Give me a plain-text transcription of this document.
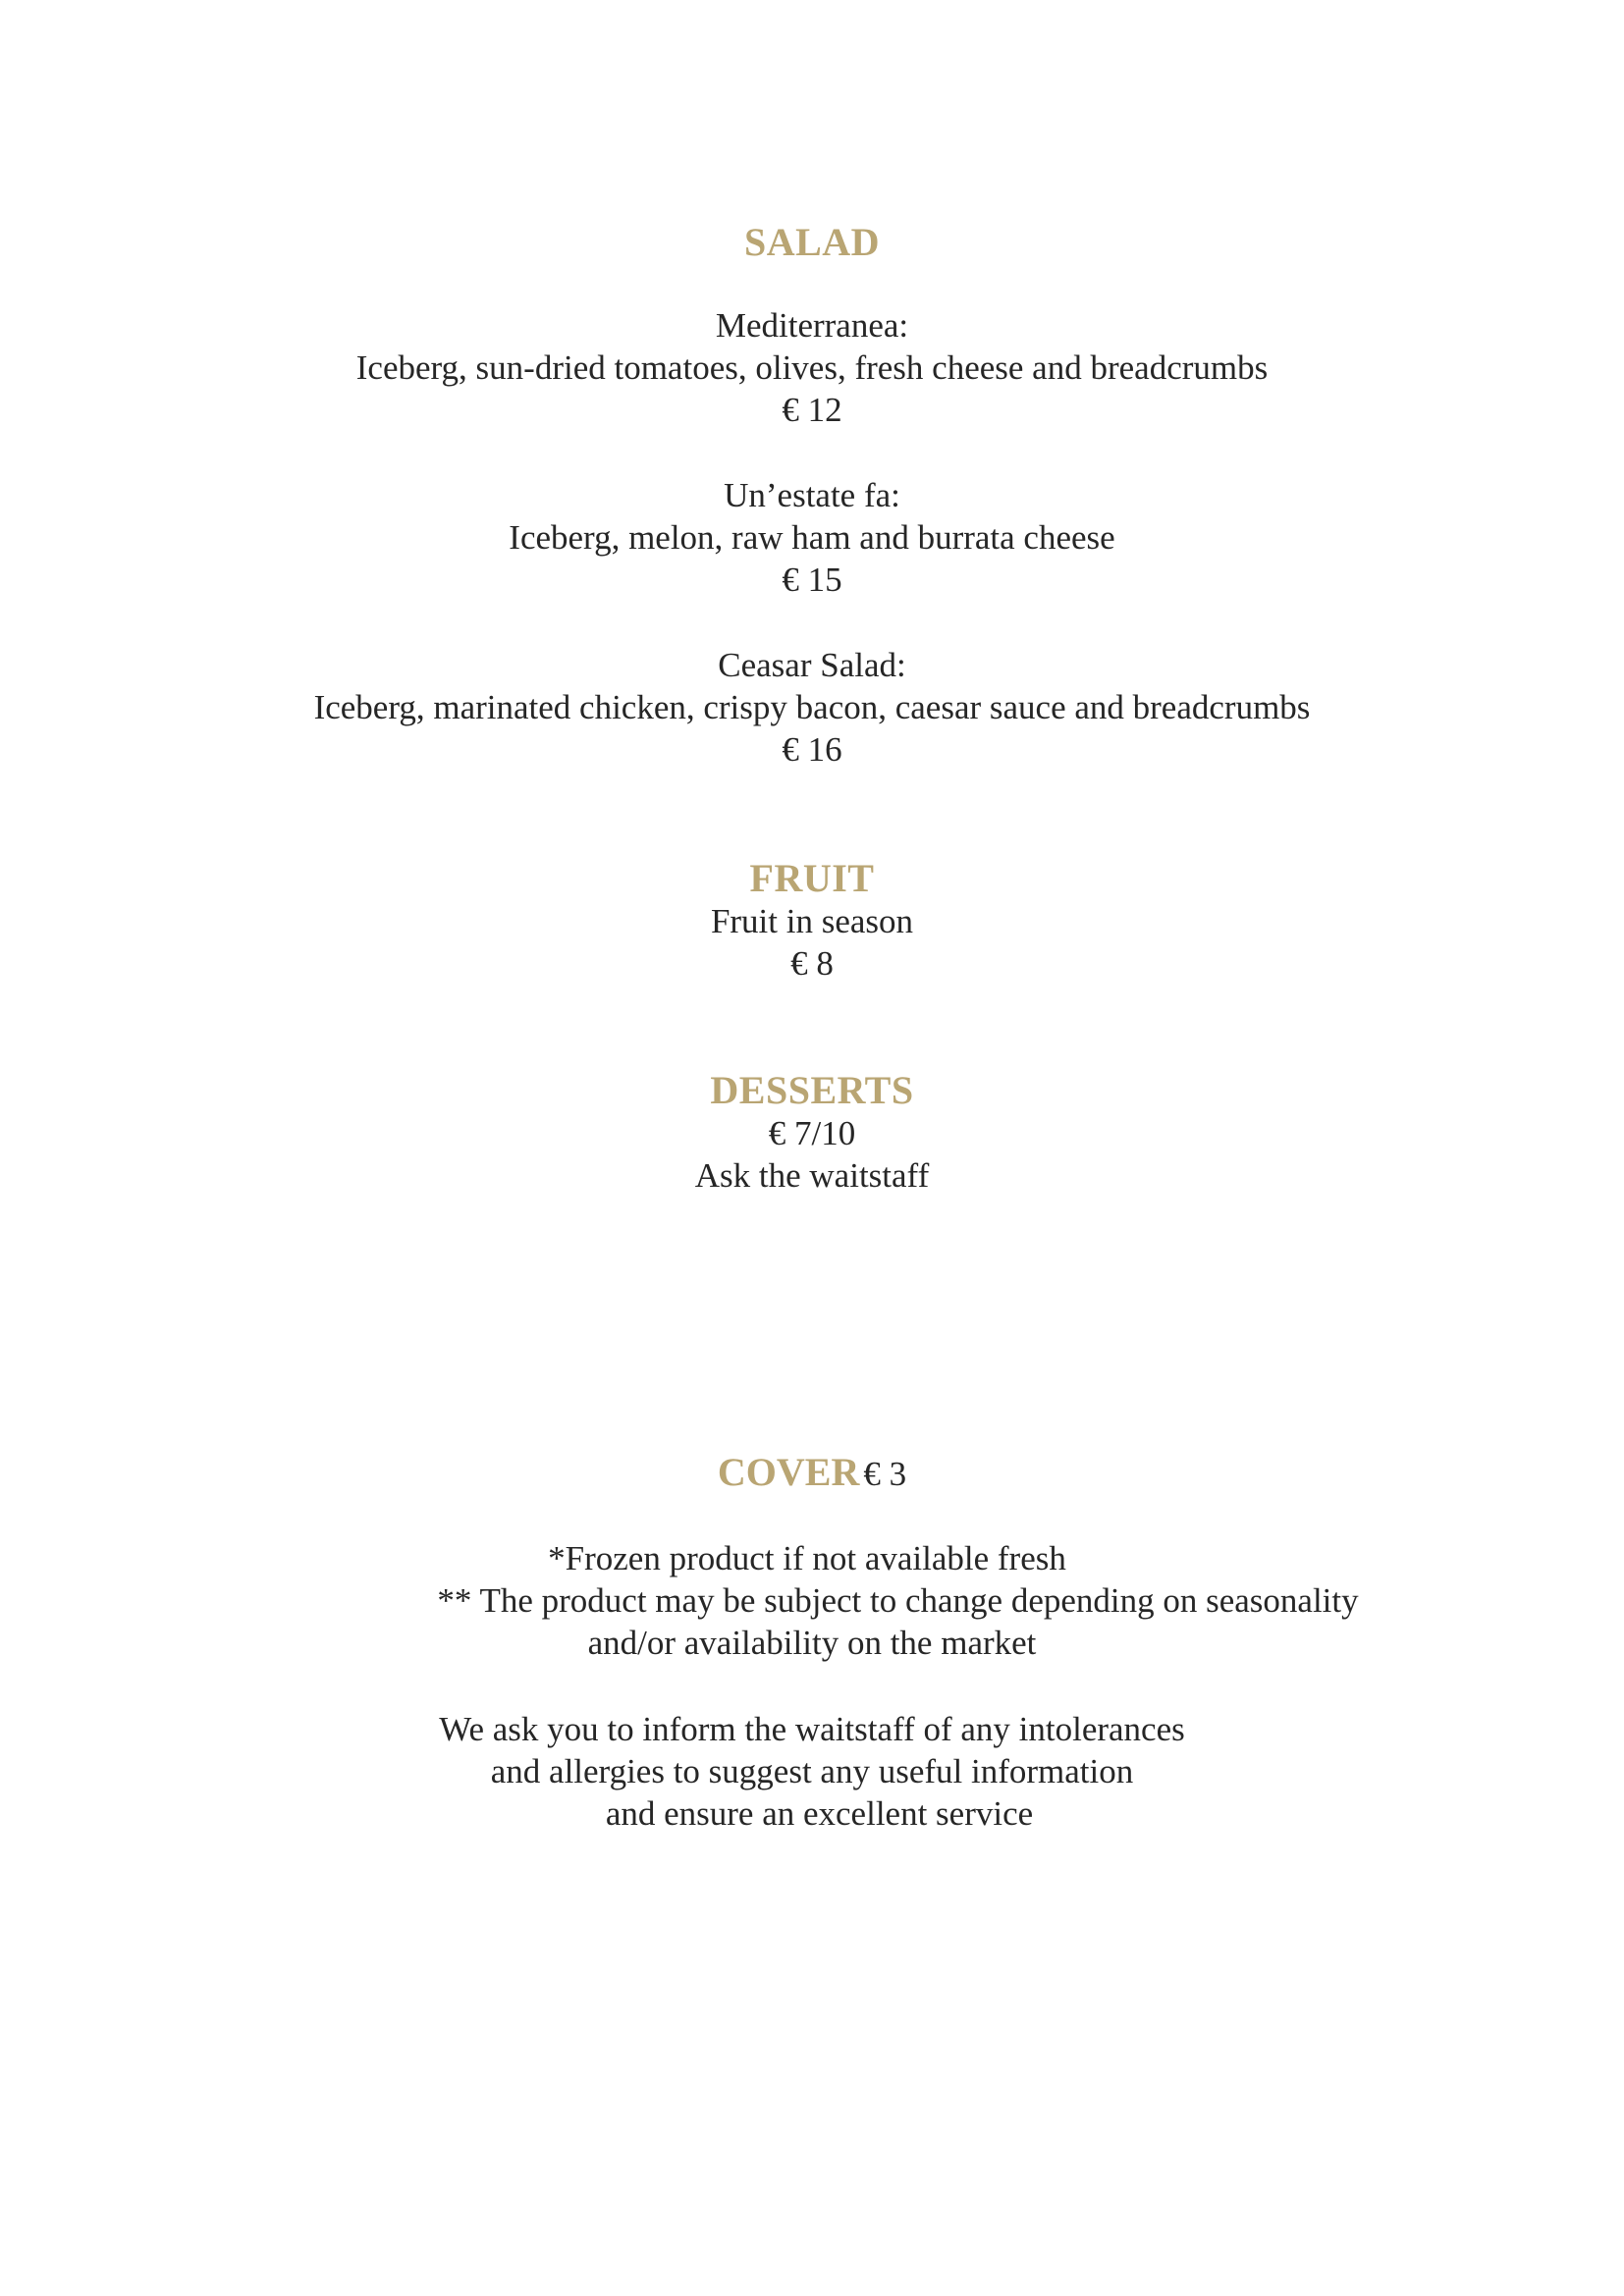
SALAD
Mediterranea:
Iceberg, sun-dried tomatoes, olives, fresh cheese and breadcrumbs
€ 12
Un’estate fa:
Iceberg, melon, raw ham and burrata cheese
€ 15
Ceasar Salad:
Iceberg, marinated chicken, crispy bacon, caesar sauce and breadcrumbs
€ 16
FRUIT
Fruit in season
€ 8
DESSERTS
€ 7/10
Ask the waitstaff
COVER € 3
*Frozen product if not available fresh
** The product may be subject to change depending on seasonality
and/or availability on the market
We ask you to inform the waitstaff of any intolerances
and allergies to suggest any useful information
and ensure an excellent service
